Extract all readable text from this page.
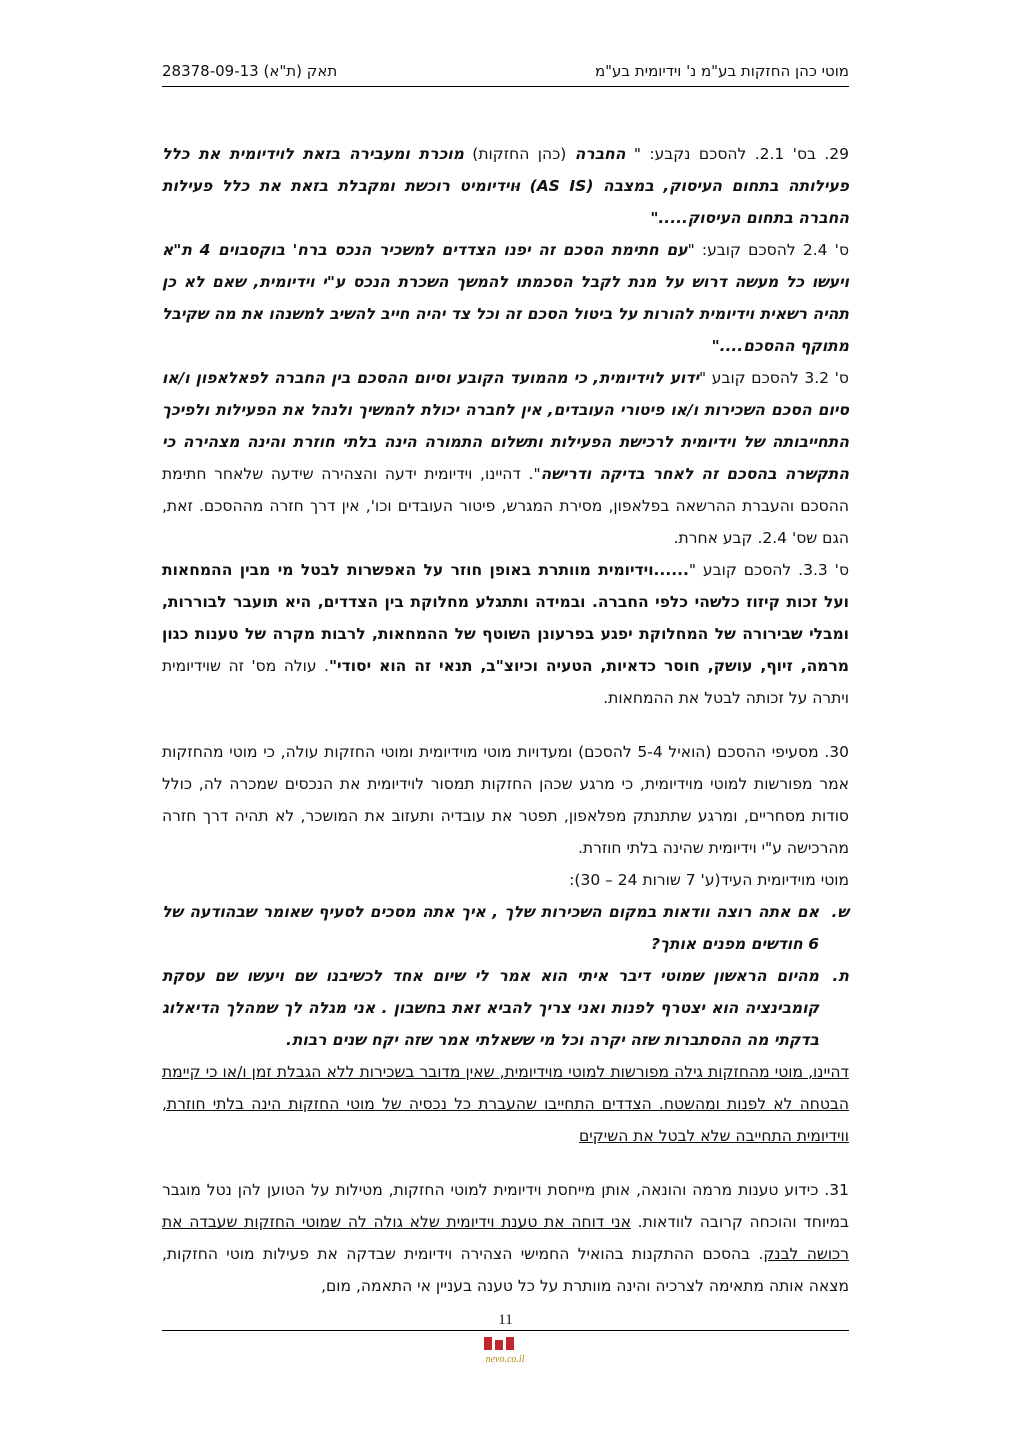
מוטי כהן החזקות בע"מ נ' וידיומית בע"מ
תאק (ת"א) 28378-09-13

29. בס' 2.1. להסכם נקבע: " החברה (כהן החזקות) מוכרת ומעבירה בזאת לוידיומית את כלל פעילותה בתחום העיסוק, במצבה (AS IS) וּוידיומיט רוכשת ומקבלת בזאת את כלל פעילות החברה בתחום העיסוק....."

ס' 2.4 להסכם קובע: "עם חתימת הסכם זה יפנו הצדדים למשכיר הנכס ברח' בוקסבוים 4 ת"א ויעשו כל מעשה דרוש על מנת לקבל הסכמתו להמשך השכרת הנכס ע"י וידיומית, שאם לא כן תהיה רשאית וידיומית להורות על ביטול הסכם זה וכל צד יהיה חייב להשיב למשנהו את מה שקיבל מתוקף ההסכם...."

ס' 3.2 להסכם קובע "ידוע לוידיומית, כי מהמועד הקובע וסיום ההסכם בין החברה לפאלאפון ו/או סיום הסכם השכירות ו/או פיטורי העובדים, אין לחברה יכולת להמשיך ולנהל את הפעילות ולפיכך התחייבותה של וידיומית לרכישת הפעילות ותשלום התמורה הינה בלתי חוזרת והינה מצהירה כי התקשרה בהסכם זה לאחר בדיקה ודרישה". דהיינו, וידיומית ידעה והצהירה שידעה שלאחר חתימת ההסכם והעברת ההרשאה בפלאפון, מסירת המגרש, פיטור העובדים וכו', אין דרך חזרה מההסכם. זאת, הגם שס' 2.4. קבע אחרת.

ס' 3.3. להסכם קובע "......וידיומית מוותרת באופן חוזר על האפשרות לבטל מי מבין ההמחאות ועל זכות קיזוז כלשהי כלפי החברה. ובמידה ותתגלע מחלוקת בין הצדדים, היא תועבר לבוררות, ומבלי שבירורה של המחלוקת יפגע בפרעונן השוטף של ההמחאות, לרבות מקרה של טענות כגון מרמה, זיוף, עושק, חוסר כדאיות, הטעיה וכיוצ"ב, תנאי זה הוא יסודי". עולה מס' זה שוידיומית ויתרה על זכותה לבטל את ההמחאות.

30. מסעיפי ההסכם (הואיל 5-4 להסכם) ומעדויות מוטי מוידיומית ומוטי החזקות עולה, כי מוטי מהחזקות אמר מפורשות למוטי מוידיומית, כי מרגע שכהן החזקות תמסור לוידיומית את הנכסים שמכרה לה, כולל סודות מסחריים, ומרגע שתתנתק מפלאפון, תפטר את עובדיה ותעזוב את המושכר, לא תהיה דרך חזרה מהרכישה ע"י וידיומית שהינה בלתי חוזרת.

מוטי מוידיומית העיד(ע' 7 שורות 24 – 30):

ש.
אם אתה רוצה וודאות במקום השכירות שלך , איך אתה מסכים לסעיף שאומר שבהודעה של 6 חודשים מפנים אותך?
ת.
מהיום הראשון שמוטי דיבר איתי הוא אמר לי שיום אחד לכשיבנו שם ויעשו שם עסקת קומבינציה הוא יצטרף לפנות ואני צריך להביא זאת בחשבון . אני מגלה לך שמהלך הדיאלוג בדקתי מה ההסתברות שזה יקרה וכל מי ששאלתי אמר שזה יקח שנים רבות.

דהיינו, מוטי מהחזקות גילה מפורשות למוטי מוידיומית, שאין מדובר בשכירות ללא הגבלת זמן ו/או כי קיימת הבטחה לא לפנות ומהשטח. הצדדים התחייבו שהעברת כל נכסיה של מוטי החזקות הינה בלתי חוזרת, ווידיומית התחייבה שלא לבטל את השיקים

31. כידוע טענות מרמה והונאה, אותן מייחסת וידיומית למוטי החזקות, מטילות על הטוען להן נטל מוגבר במיוחד והוכחה קרובה לוודאות. אני דוחה את טענת וידיומית שלא גולה לה שמוטי החזקות שעבדה את רכושה לבנק. בהסכם ההתקנות בהואיל החמישי הצהירה וידיומית שבדקה את פעילות מוטי החזקות, מצאה אותה מתאימה לצרכיה והינה מוותרת על כל טענה בעניין אי התאמה, מום,

11
nevo.co.il
